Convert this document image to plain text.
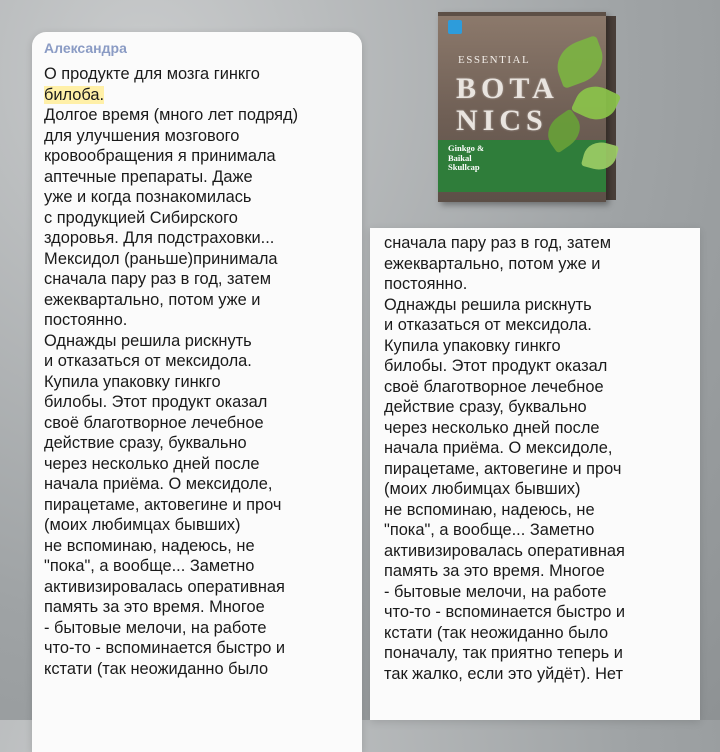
Александра
О продукте для мозга гинкго
билоба.
Долгое время (много лет подряд)
для улучшения мозгового
кровообращения я принимала
аптечные препараты. Даже
уже и когда познакомилась
с продукцией Сибирского
здоровья. Для подстраховки...
Мексидол (раньше)принимала
сначала пару раз в год, затем
ежеквартально, потом уже и
постоянно.
Однажды решила рискнуть
и отказаться от мексидола.
Купила упаковку гинкго
билобы. Этот продукт оказал
своё благотворное лечебное
действие сразу, буквально
через несколько дней после
начала приёма. О мексидоле,
пирацетаме, актовегине и проч
(моих любимцах бывших)
не вспоминаю, надеюсь, не
"пока", а вообще... Заметно
активизировалась оперативная
память за это время. Многое
- бытовые мелочи, на работе
что-то - вспоминается быстро и
кстати (так неожиданно было
ESSENTIAL
BOTA
NICS
Ginkgo &
Baikal
Skullcap
сначала пару раз в год, затем
ежеквартально, потом уже и
постоянно.
Однажды решила рискнуть
и отказаться от мексидола.
Купила упаковку гинкго
билобы. Этот продукт оказал
своё благотворное лечебное
действие сразу, буквально
через несколько дней после
начала приёма. О мексидоле,
пирацетаме, актовегине и проч
(моих любимцах бывших)
не вспоминаю, надеюсь, не
"пока", а вообще... Заметно
активизировалась оперативная
память за это время. Многое
- бытовые мелочи, на работе
что-то - вспоминается быстро и
кстати (так неожиданно было
поначалу, так приятно теперь и
так жалко, если это уйдёт). Нет
